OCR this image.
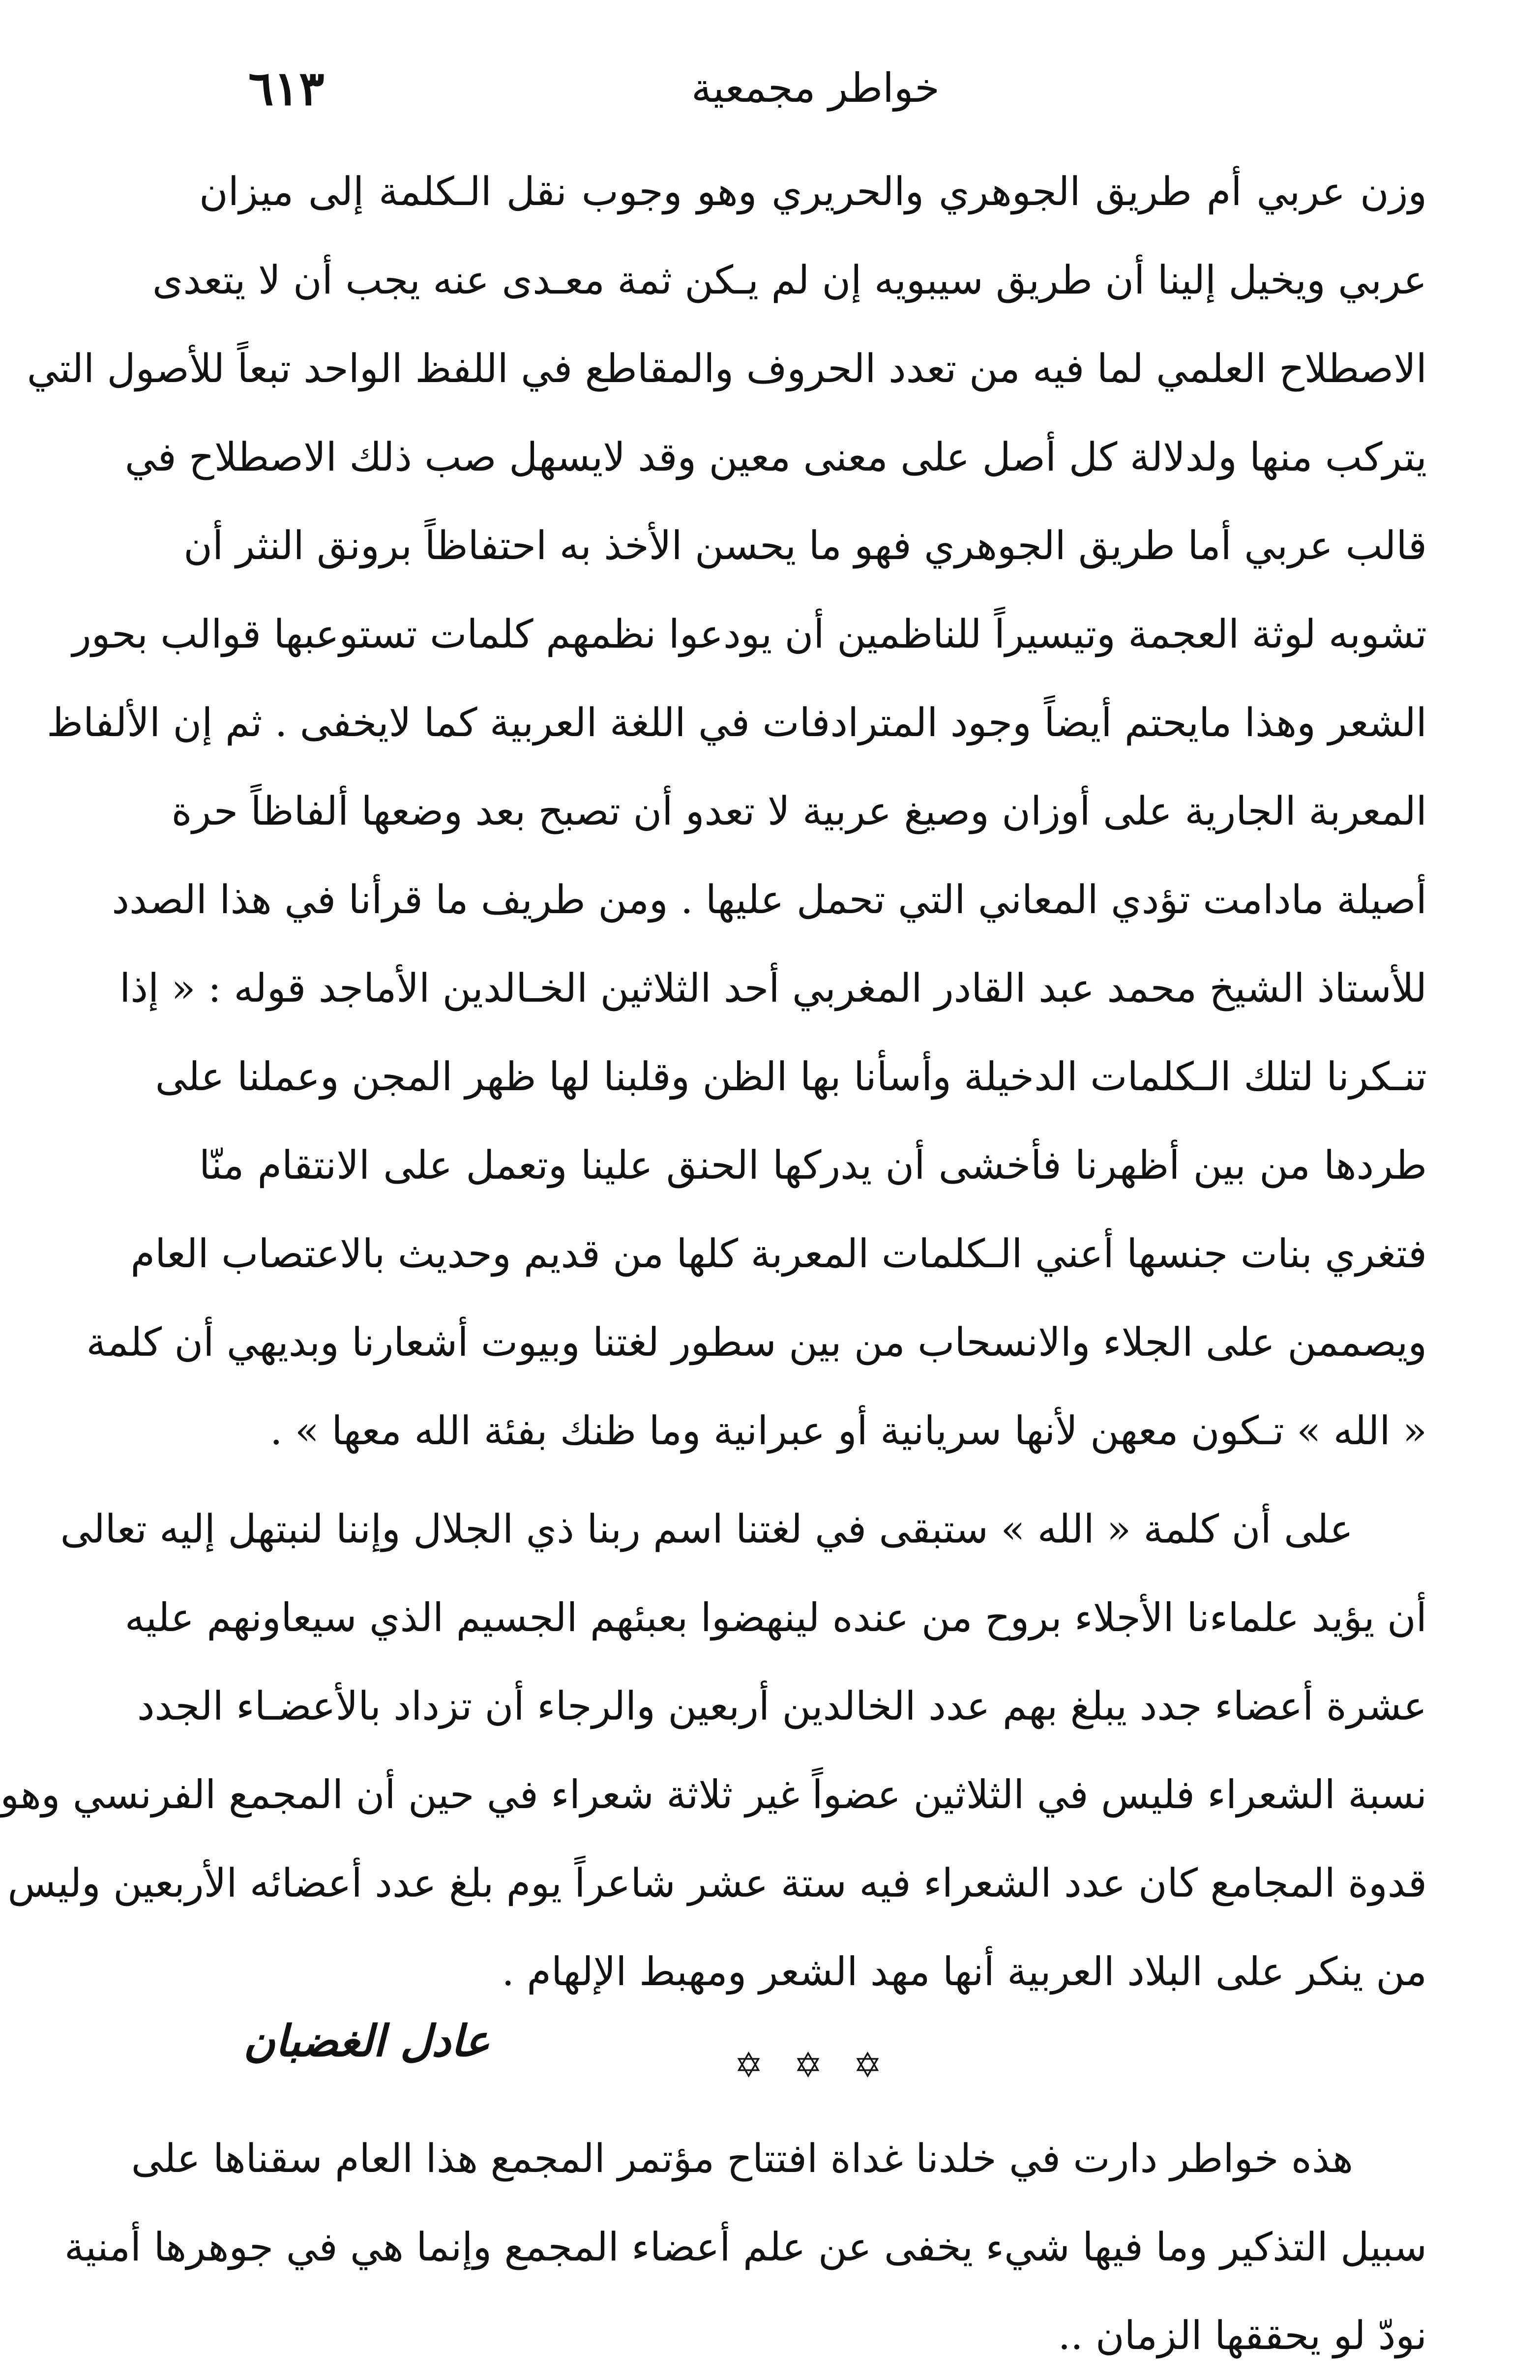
خواطر مجمعية
٦١٣
وزن عربي أم طريق الجوهري والحريري وهو وجوب نقل الـكلمة إلى ميزان
عربي ويخيل إلينا أن طريق سيبويه إن لم يـكن ثمة معـدى عنه يجب أن لا يتعدى
الاصطلاح العلمي لما فيه من تعدد الحروف والمقاطع في اللفظ الواحد تبعاً للأصول التي
يتركب منها ولدلالة كل أصل على معنى معين وقد لايسهل صب ذلك الاصطلاح في
قالب عربي أما طريق الجوهري فهو ما يحسن الأخذ به احتفاظاً برونق النثر أن
تشوبه لوثة العجمة وتيسيراً للناظمين أن يودعوا نظمهم كلمات تستوعبها قوالب بحور
الشعر وهذا مايحتم أيضاً وجود المترادفات في اللغة العربية كما لايخفى . ثم إن الألفاظ
المعربة الجارية على أوزان وصيغ عربية لا تعدو أن تصبح بعد وضعها ألفاظاً حرة
أصيلة مادامت تؤدي المعاني التي تحمل عليها . ومن طريف ما قرأنا في هذا الصدد
للأستاذ الشيخ محمد عبد القادر المغربي أحد الثلاثين الخـالدين الأماجد قوله : « إذا
تنـكرنا لتلك الـكلمات الدخيلة وأسأنا بها الظن وقلبنا لها ظهر المجن وعملنا على
طردها من بين أظهرنا فأخشى أن يدركها الحنق علينا وتعمل على الانتقام منّا
فتغري بنات جنسها أعني الـكلمات المعربة كلها من قديم وحديث بالاعتصاب العام
ويصممن على الجلاء والانسحاب من بين سطور لغتنا وبيوت أشعارنا وبديهي أن كلمة
« الله » تـكون معهن لأنها سريانية أو عبرانية وما ظنك بفئة الله معها » .
على أن كلمة « الله » ستبقى في لغتنا اسم ربنا ذي الجلال وإننا لنبتهل إليه تعالى
أن يؤيد علماءنا الأجلاء بروح من عنده لينهضوا بعبئهم الجسيم الذي سيعاونهم عليه
عشرة أعضاء جدد يبلغ بهم عدد الخالدين أربعين والرجاء أن تزداد بالأعضـاء الجدد
نسبة الشعراء فليس في الثلاثين عضواً غير ثلاثة شعراء في حين أن المجمع الفرنسي وهو
قدوة المجامع كان عدد الشعراء فيه ستة عشر شاعراً يوم بلغ عدد أعضائه الأربعين وليس
من ينكر على البلاد العربية أنها مهد الشعر ومهبط الإلهام .
✡ ✡ ✡
هذه خواطر دارت في خلدنا غداة افتتاح مؤتمر المجمع هذا العام سقناها على
سبيل التذكير وما فيها شيء يخفى عن علم أعضاء المجمع وإنما هي في جوهرها أمنية
نودّ لو يحققها الزمان ..
عادل الغضبان
